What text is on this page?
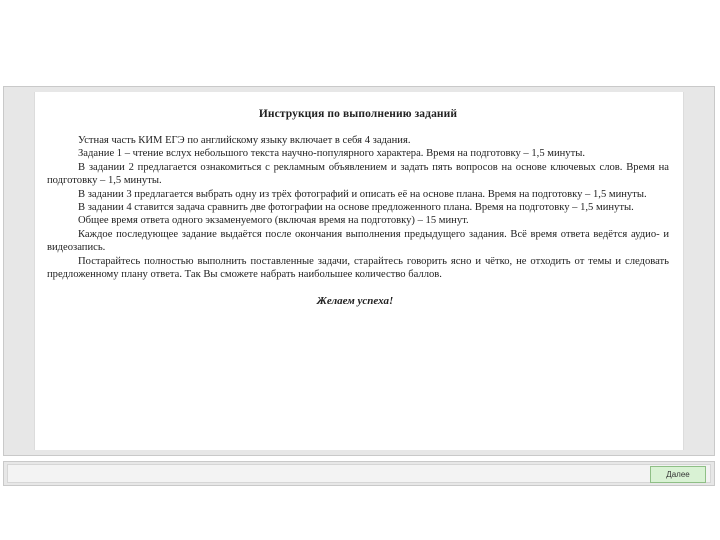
Инструкция по выполнению заданий

Устная часть КИМ ЕГЭ по английскому языку включает в себя 4 задания.

Задание 1 – чтение вслух небольшого текста научно-популярного характера. Время на подготовку – 1,5 минуты.

В задании 2 предлагается ознакомиться с рекламным объявлением и задать пять вопросов на основе ключевых слов. Время на подготовку – 1,5 минуты.

В задании 3 предлагается выбрать одну из трёх фотографий и описать её на основе плана. Время на подготовку – 1,5 минуты.

В задании 4 ставится задача сравнить две фотографии на основе предложенного плана. Время на подготовку – 1,5 минуты.

Общее время ответа одного экзаменуемого (включая время на подготовку) – 15 минут.

Каждое последующее задание выдаётся после окончания выполнения предыдущего задания. Всё время ответа ведётся аудио- и видеозапись.

Постарайтесь полностью выполнить поставленные задачи, старайтесь говорить ясно и чётко, не отходить от темы и следовать предложенному плану ответа. Так Вы сможете набрать наибольшее количество баллов.

Желаем успеха!
Далее
